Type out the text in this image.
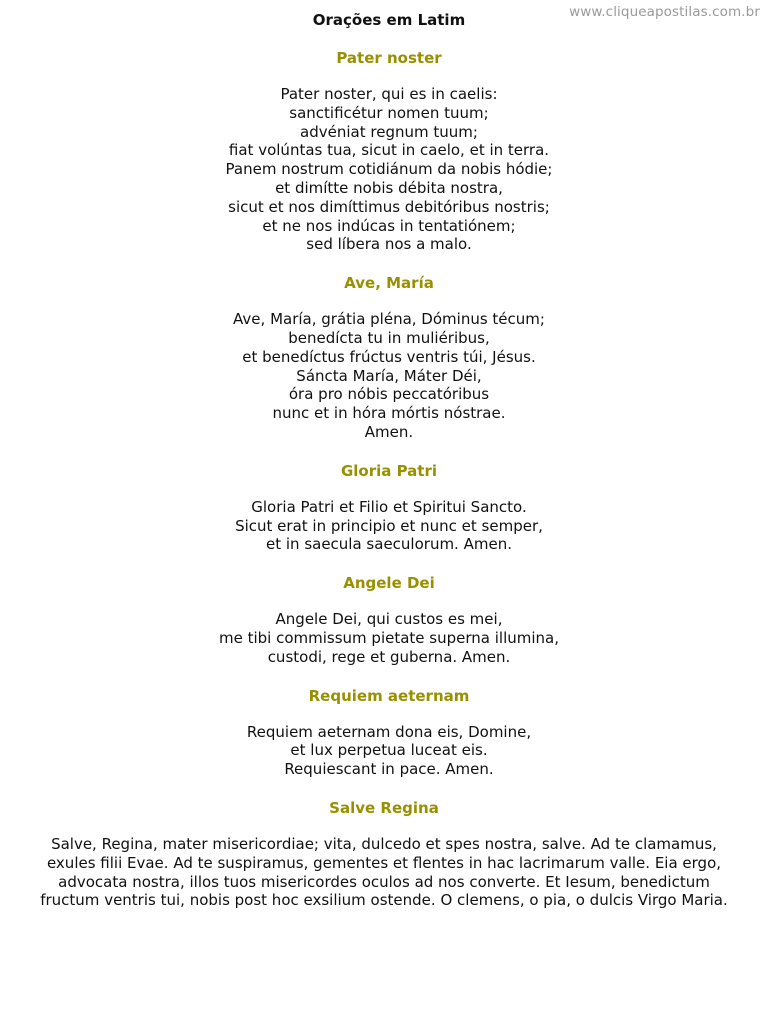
www.cliqueapostilas.com.br
Orações em Latim
Pater noster
Pater noster, qui es in caelis:
sanctificétur nomen tuum;
advéniat regnum tuum;
fiat volúntas tua, sicut in caelo, et in terra.
Panem nostrum cotidiánum da nobis hódie;
et dimítte nobis débita nostra,
sicut et nos dimíttimus debitóribus nostris;
et ne nos indúcas in tentatiónem;
sed líbera nos a malo.
Ave, María
Ave, María, grátia pléna, Dóminus técum;
benedícta tu in muliéribus,
et benedíctus frúctus ventris túi, Jésus.
Sáncta María, Máter Déi,
óra pro nóbis peccatóribus
nunc et in hóra mórtis nóstrae.
Amen.
Gloria Patri
Gloria Patri et Filio et Spiritui Sancto.
Sicut erat in principio et nunc et semper,
et in saecula saeculorum. Amen.
Angele Dei
Angele Dei, qui custos es mei,
me tibi commissum pietate superna illumina,
custodi, rege et guberna. Amen.
Requiem aeternam
Requiem aeternam dona eis, Domine,
et lux perpetua luceat eis.
Requiescant in pace. Amen.
Salve Regina
Salve, Regina, mater misericordiae; vita, dulcedo et spes nostra, salve. Ad te clamamus,
exules filii Evae. Ad te suspiramus, gementes et flentes in hac lacrimarum valle. Eia ergo,
advocata nostra, illos tuos misericordes oculos ad nos converte. Et Iesum, benedictum
fructum ventris tui, nobis post hoc exsilium ostende. O clemens, o pia, o dulcis Virgo Maria.
